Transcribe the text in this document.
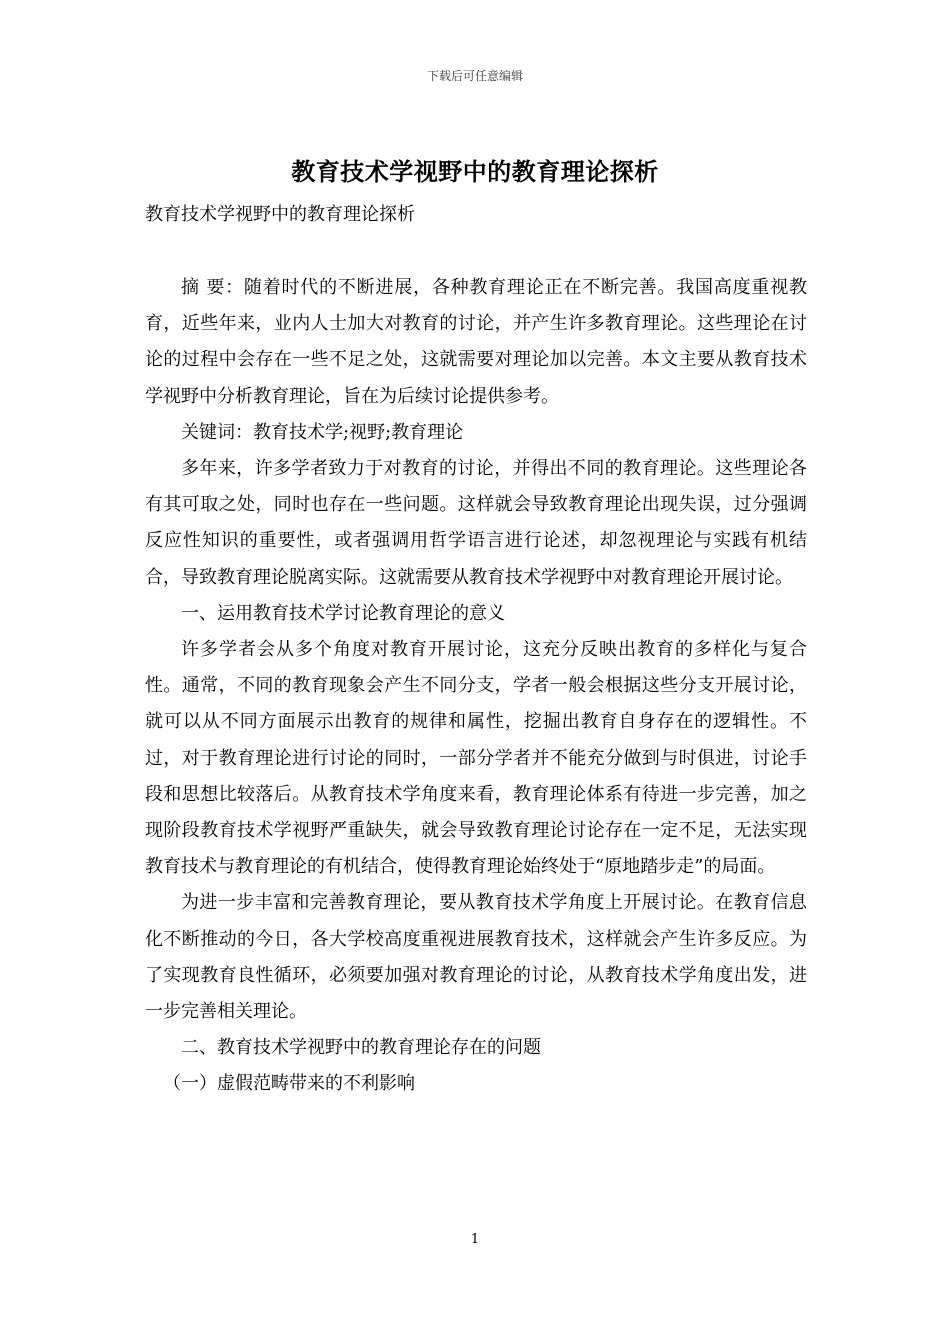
下载后可任意编辑
教育技术学视野中的教育理论探析
教育技术学视野中的教育理论探析

摘 要：随着时代的不断进展，各种教育理论正在不断完善。我国高度重视教育，近些年来，业内人士加大对教育的讨论，并产生许多教育理论。这些理论在讨论的过程中会存在一些不足之处，这就需要对理论加以完善。本文主要从教育技术学视野中分析教育理论，旨在为后续讨论提供参考。

关键词：教育技术学;视野;教育理论

多年来，许多学者致力于对教育的讨论，并得出不同的教育理论。这些理论各有其可取之处，同时也存在一些问题。这样就会导致教育理论出现失误，过分强调反应性知识的重要性，或者强调用哲学语言进行论述，却忽视理论与实践有机结合，导致教育理论脱离实际。这就需要从教育技术学视野中对教育理论开展讨论。

一、运用教育技术学讨论教育理论的意义

许多学者会从多个角度对教育开展讨论，这充分反映出教育的多样化与复合性。通常，不同的教育现象会产生不同分支，学者一般会根据这些分支开展讨论，就可以从不同方面展示出教育的规律和属性，挖掘出教育自身存在的逻辑性。不过，对于教育理论进行讨论的同时，一部分学者并不能充分做到与时俱进，讨论手段和思想比较落后。从教育技术学角度来看，教育理论体系有待进一步完善，加之现阶段教育技术学视野严重缺失，就会导致教育理论讨论存在一定不足，无法实现教育技术与教育理论的有机结合，使得教育理论始终处于“原地踏步走”的局面。

为进一步丰富和完善教育理论，要从教育技术学角度上开展讨论。在教育信息化不断推动的今日，各大学校高度重视进展教育技术，这样就会产生许多反应。为了实现教育良性循环，必须要加强对教育理论的讨论，从教育技术学角度出发，进一步完善相关理论。

二、教育技术学视野中的教育理论存在的问题

（一）虚假范畴带来的不利影响

1
